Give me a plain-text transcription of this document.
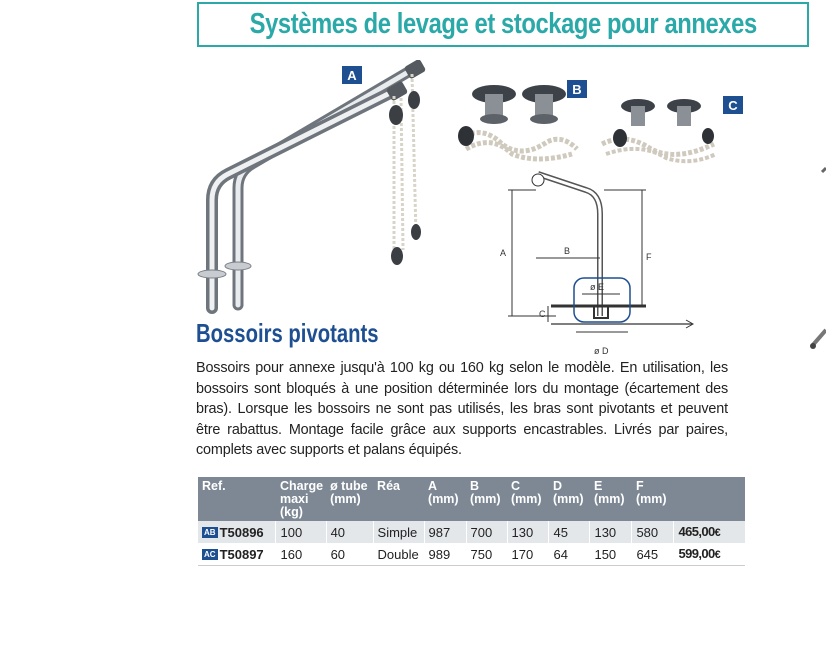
Systèmes de levage et stockage pour annexes
A
B
C
A	B
F
C
ø E
ø D
Bossoirs pivotants

Bossoirs pour annexe jusqu'à 100 kg ou 160 kg selon le modèle. En utilisation, les bossoirs sont bloqués à une position déterminée lors du montage (écartement des bras). Lorsque les bossoirs ne sont pas utilisés, les bras sont pivotants et peuvent être rabattus. Montage facile grâce aux supports encastrables. Livrés par paires, complets avec supports et palans équipés.

Ref.	Charge maxi (kg)	ø tube (mm)	Réa	A (mm)	B (mm)	C (mm)	D (mm)	E (mm)	F (mm)	
AB T50896	100	40	Simple	987	700	130	45	130	580	465,00€
AC T50897	160	60	Double	989	750	170	64	150	645	599,00€
